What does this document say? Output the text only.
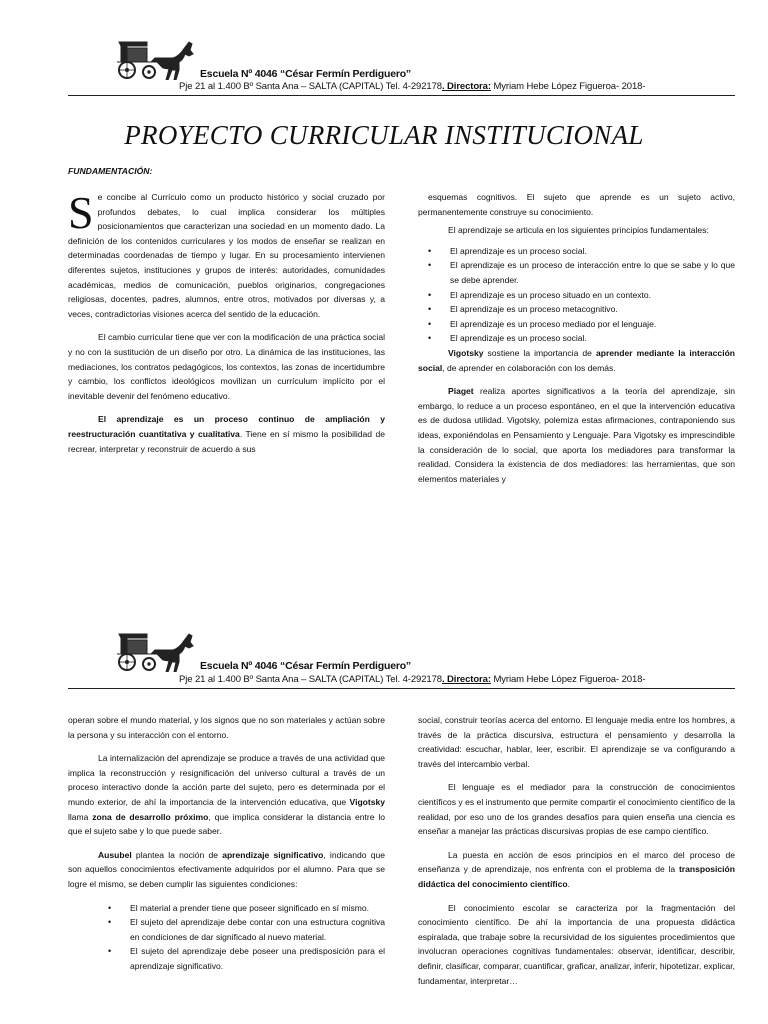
Escuela Nº 4046 “César Fermín Perdiguero”
Pje 21 al 1.400 Bº Santa Ana – SALTA (CAPITAL) Tel. 4-292178. Directora: Myriam Hebe López Figueroa- 2018-
PROYECTO CURRICULAR INSTITUCIONAL
FUNDAMENTACIÓN:

Se concibe al Currículo como un producto histórico y social cruzado por profundos debates, lo cual implica considerar los múltiples posicionamientos que caracterizan una sociedad en un momento dado. La definición de los contenidos curriculares y los modos de enseñar se realizan en determinadas coordenadas de tiempo y lugar. En su procesamiento intervienen diferentes sujetos, instituciones y grupos de interés: autoridades, comunidades académicas, medios de comunicación, pueblos originarios, congregaciones religiosas, docentes, padres, alumnos, entre otros, motivados por diversas y, a veces, contradictorias visiones acerca del sentido de la educación.

El cambio curricular tiene que ver con la modificación de una práctica social y no con la sustitución de un diseño por otro. La dinámica de las instituciones, las mediaciones, los contratos pedagógicos, los contextos, las zonas de incertidumbre y cambio, los conflictos ideológicos movilizan un currículum implícito por el inevitable devenir del fenómeno educativo.

El aprendizaje es un proceso continuo de ampliación y reestructuración cuantitativa y cualitativa. Tiene en sí mismo la posibilidad de recrear, interpretar y reconstruir de acuerdo a sus

esquemas cognitivos. El sujeto que aprende es un sujeto activo, permanentemente construye su conocimiento.

El aprendizaje se articula en los siguientes principios fundamentales:

• El aprendizaje es un proceso social.
• El aprendizaje es un proceso de interacción entre lo que se sabe y lo que se debe aprender.
• El aprendizaje es un proceso situado en un contexto.
• El aprendizaje es un proceso metacognitivo.
• El aprendizaje es un proceso mediado por el lenguaje.
• El aprendizaje es un proceso social.

Vigotsky sostiene la importancia de aprender mediante la interacción social, de aprender en colaboración con los demás.

Piaget realiza aportes significativos a la teoría del aprendizaje, sin embargo, lo reduce a un proceso espontáneo, en el que la intervención educativa es de dudosa utilidad. Vigotsky, polemiza estas afirmaciones, contraponiendo sus ideas, exponiéndolas en Pensamiento y Lenguaje. Para Vigotsky es imprescindible la consideración de lo social, que aporta los mediadores para transformar la realidad. Considera la existencia de dos mediadores: las herramientas, que son elementos materiales y

Escuela Nº 4046 “César Fermín Perdiguero”
Pje 21 al 1.400 Bº Santa Ana – SALTA (CAPITAL) Tel. 4-292178. Directora: Myriam Hebe López Figueroa- 2018-

operan sobre el mundo material, y los signos que no son materiales y actúan sobre la persona y su interacción con el entorno.

La internalización del aprendizaje se produce a través de una actividad que implica la reconstrucción y resignificación del universo cultural a través de un proceso interactivo donde la acción parte del sujeto, pero es determinada por el mundo exterior, de ahí la importancia de la intervención educativa, que Vigotsky llama zona de desarrollo próximo, que implica considerar la distancia entre lo que el sujeto sabe y lo que puede saber.

Ausubel plantea la noción de aprendizaje significativo, indicando que son aquellos conocimientos efectivamente adquiridos por el alumno. Para que se logre el mismo, se deben cumplir las siguientes condiciones:

• El material a prender tiene que poseer significado en sí mismo.
• El sujeto del aprendizaje debe contar con una estructura cognitiva en condiciones de dar significado al nuevo material.
• El sujeto del aprendizaje debe poseer una predisposición para el aprendizaje significativo.

social, construir teorías acerca del entorno. El lenguaje media entre los hombres, a través de la práctica discursiva, estructura el pensamiento y desarrolla la creatividad: escuchar, hablar, leer, escribir. El aprendizaje se va configurando a través del intercambio verbal.

El lenguaje es el mediador para la construcción de conocimientos científicos y es el instrumento que permite compartir el conocimiento científico de la realidad, por eso uno de los grandes desafíos para quien enseña una ciencia es enseñar a manejar las prácticas discursivas propias de ese campo científico.

La puesta en acción de esos principios en el marco del proceso de enseñanza y de aprendizaje, nos enfrenta con el problema de la transposición didáctica del conocimiento científico.

El conocimiento escolar se caracteriza por la fragmentación del conocimiento científico. De ahí la importancia de una propuesta didáctica espiralada, que trabaje sobre la recursividad de los siguientes procedimientos que involucran operaciones cognitivas fundamentales: observar, identificar, describir, definir, clasificar, comparar, cuantificar, graficar, analizar, inferir, hipotetizar, explicar, fundamentar, interpretar…
